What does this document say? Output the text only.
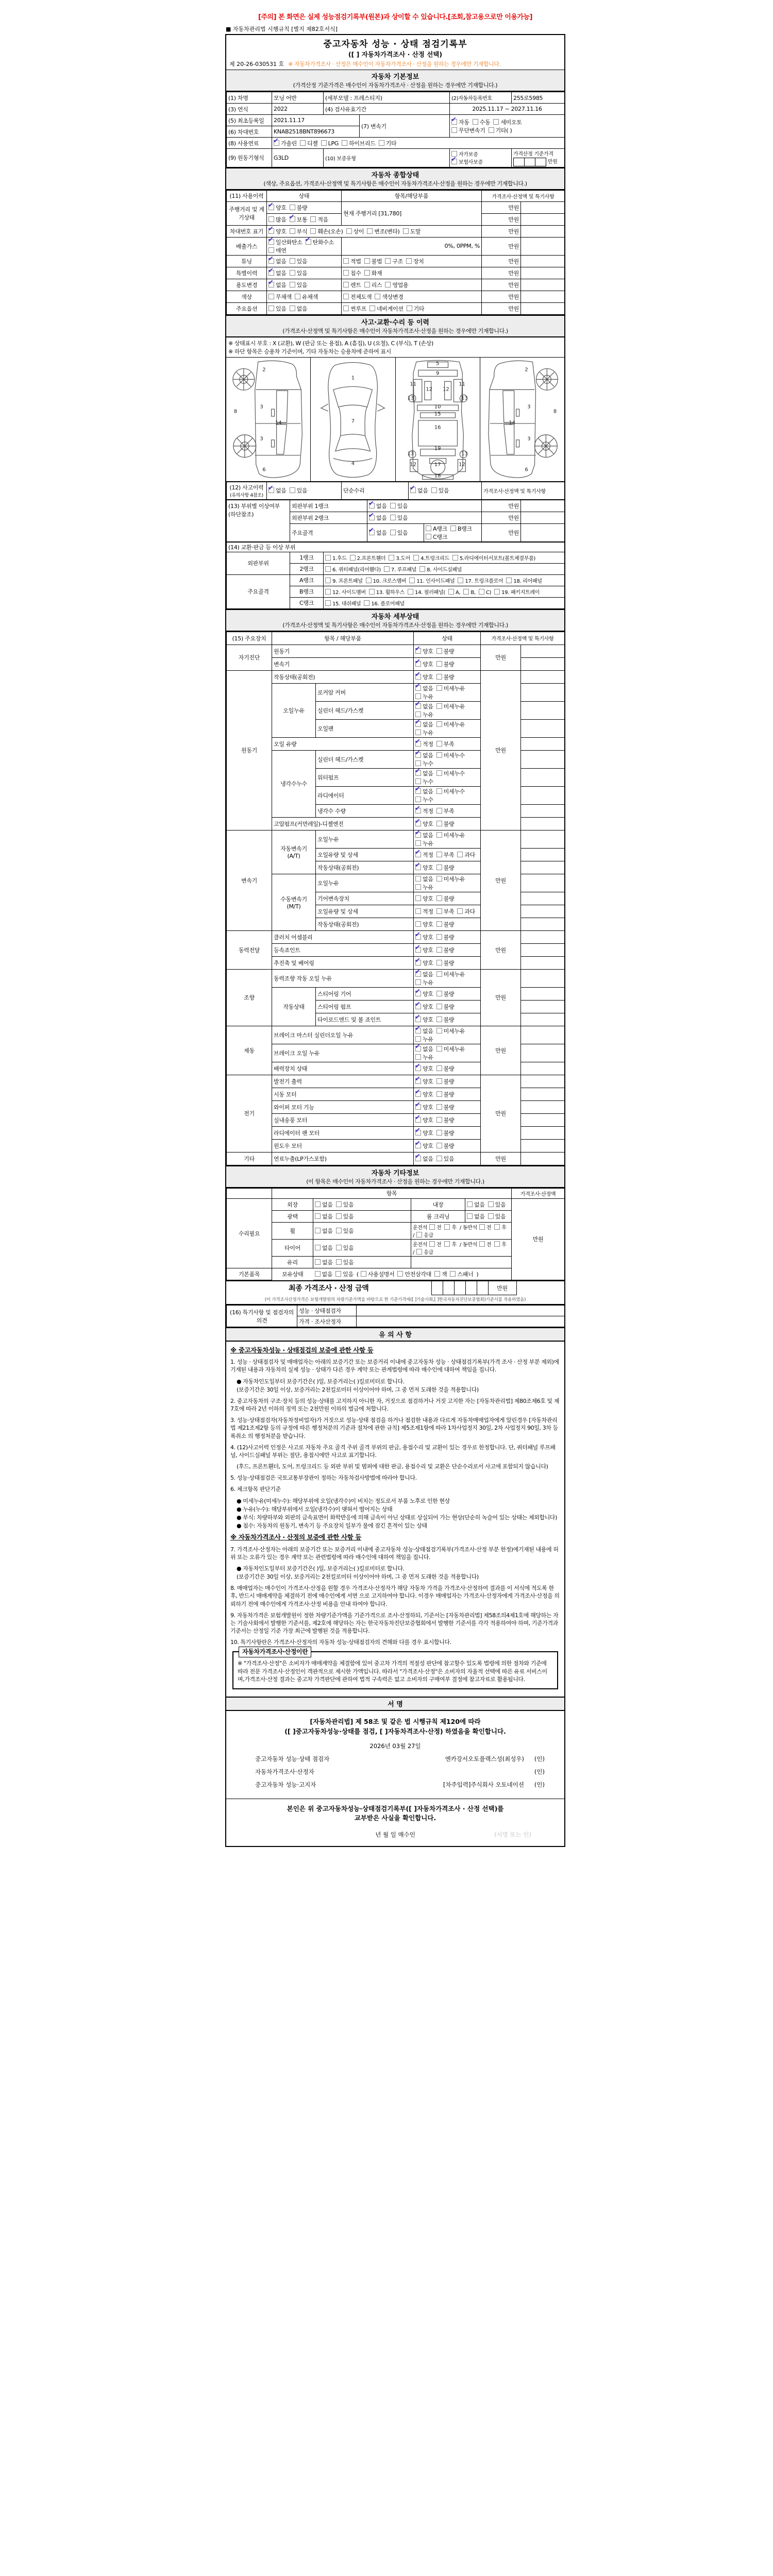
[주의] 본 화면은 실제 성능점검기록부(원본)과 상이할 수 있습니다.[조회,참고용으로만 이용가능]
■ 자동차관리법 시행규칙 [별지 제82호서식]
중고자동차 성능 · 상태 점검기록부
([ ] 자동차가격조사 · 산정 선택)
제 20-26-030531 호 ※ 자동차가격조사 · 산정은 매수인이 자동차가격조사 · 산정을 원하는 경우에만 기재합니다.
자동차 기본정보
(가격산정 기준가격은 매수인이 자동차가격조사 · 산정을 원하는 경우에만 기재합니다.)
(1) 차명	모닝 어반	(세부모델 : 프레스티지)		(2)자동차등록번호	255로5985
(3) 연식	2022	(4) 검사유효기간		2025.11.17 ~ 2027.11.16	
(5) 최초등록일	2021.11.17		(7) 변속기	
✔자동 수동 세미오토
무단변속기 기타( )

(6) 차대번호	KNAB2518BNT896673				
(8) 사용연료	✔가솔린 디젤 LPG 하이브리드 기타
(9) 원동기형식	G3LD	(10) 보증유형		자가보증✔보험사보증	가격산정 기준가격  만원
자동차 종합상태
(색상, 주요옵션, 가격조사·산정액 및 특기사항은 매수인이 자동차가격조사·산정을 원하는 경우에만 기재합니다.)
(11) 사용이력	상태	항목/해당부품	가격조사·산정액 및 특기사항	
주행거리 및 계기상태	✔양호 불량	현재 주행거리 [31,780]	만원	
	많음 ✔ 보통 적음		만원	
차대번호 표기	✔양호 부식 훼손(오손) 상이 변조(변타) 도말		만원	
배출가스	✔일산화탄소 ✔ 탄화수소매연	0%, 0PPM, %	만원	
튜닝	✔없음 있음	적법 불법 구조 장치	만원	
특별이력	✔없음 있음	침수 화재	만원	
용도변경	✔없음 있음	렌트 리스 영업용	만원	
색상	무채색 유채색	전체도색 색상변경	만원	
주요옵션	있음 없음	썬루프 네비게이션 기타	만원	
사고·교환·수리 등 이력
(가격조사·산정액 및 특기사항은 매수인이 자동차가격조사·산정을 원하는 경우에만 기재합니다.)
※ 상태표시 부호 : X (교환), W (판금 또는 용접), A (흠집), U (요철), C (부식), T (손상)
※ 하단 항목은 승용차 기준이며, 기타 자동차는 승용차에 준하여 표시
2
8
3
14
3
6
1
7
4
5
9
11
12
13
11
12
13
10
15
16
19
13	13
12	12
17
18
2
8
3
14
3
6
(12) 사고이력
(유의사항 4참조)
	✔없음 있음	단순수리	✔없음 있음	가격조사·산정액 및 특기사항
(13) 부위별 이상여부 (하단참조)	외판부위 1랭크	✔없음 있음		만원	
	외판부위 2랭크	✔없음 있음		만원	
	주요골격	✔없음 있음	A랭크 B랭크C랭크	만원	
(14) 교환·판금 등 이상 부위		
외판부위	1랭크	1.후드 2.프론트휀더 3.도어 4.트렁크리드 5.라디에이터서포트(볼트체결부품)
	2랭크	6. 쿼터패널(리어휀다) 7. 루프패널 8. 사이드실패널
주요골격	A랭크	9. 프론트패널 10. 크로스멤버 11. 인사이드패널 17. 트렁크플로어 18. 리어패널
	B랭크	12. 사이드멤버 13. 휠하우스 14. 필러패널( A, B, C) 19. 패키지트레이
	C랭크	15. 대쉬패널 16. 플로어패널
자동차 세부상태
(가격조사·산정액 및 특기사항은 매수인이 자동차가격조사·산정을 원하는 경우에만 기재합니다.)
(15) 주요장치	항목 / 해당부품		상태	가격조사·산정액 및 특기사항	
자기진단	원동기	✔양호 불량	만원	
	변속기	✔양호 불량	
원동기	작동상태(공회전)	✔양호 불량	만원	
	오일누유	로커암 커버	✔없음 미세누유누유	
		실린더 헤드/가스켓	✔없음 미세누유누유	
		오일팬	✔없음 미세누유누유	
	오일 유량	✔적정 부족	
	냉각수누수	실린더 헤드/가스켓	✔없음 미세누수누수	
		워터펌프	✔없음 미세누수누수	
		라디에이터	✔없음 미세누수누수	
		냉각수 수량	✔적정 부족	
	고압펌프(커먼레일)-디젤엔진	✔양호 불량	
변속기	자동변속기 (A/T)	오일누유	✔없음 미세누유누유	만원	
		오일유량 및 상세	✔적정 부족 과다	
		작동상태(공회전)	✔양호 불량	
	수동변속기 (M/T)	오일누유	없음 미세누유누유		
		기어변속장치	양호 불량		
		오일유량 및 상세	적정 부족 과다		
		작동상태(공회전)	양호 불량		
동력전달	클러치 어셈블리	✔양호 불량	만원	
	등속죠인트	✔양호 불량	
	추진축 및 베어링	✔양호 불량	
조향	동력조향 작동 오일 누유	✔없음 미세누유누유	만원	
	작동상태	스티어링 기어	✔양호 불량	
		스티어링 펌프	✔양호 불량	
		타이로드엔드 및 볼 죠인트	✔양호 불량	
제동	브레이크 마스터 실린더오일 누유	✔없음 미세누유누유	만원	
	브레이크 오일 누유	✔없음 미세누유누유	
	배력장치 상태	✔양호 불량	
전기	발전기 출력	✔양호 불량	만원	
	시동 모터	✔양호 불량	
	와이퍼 모터 기능	✔양호 불량	
	실내송풍 모터	✔양호 불량	
	라디에이터 팬 모터	✔양호 불량	
	윈도우 모터	✔양호 불량	
기타	연료누출(LP가스포함)	✔없음 있음	만원	
자동차 기타정보
(이 항목은 매수인이 자동차가격조사 · 산정을 원하는 경우에만 기재합니다.)
	항목				가격조사·산정액
수리필요	외장	없음 있음	내장	없음 있음	만원
	광택	없음 있음	룸 크리닝	없음 있음	
	휠	없음 있음	운전석 전 후 / 동반석 전 후/ 응급		
	타이어	없음 있음	운전석 전 후 / 동반석 전 후/ 응급		
	유리	없음 있음			
기본품목	보유상태	없음 있음 ( 사용설명서 안전삼각대 잭 스패너 )			
최종 가격조사 · 산정 금액						만원	
(이 가격조사산정가격은 보험개발원의 차량기준가액을 바탕으로 한 기준가격에([ ]기술사회,[ ]한국자동차진단보증협회)기준서를 적용하였음)
(16) 특기사항 및 점검자의 의견	성능 · 상태점검자	
	가격 · 조사산정자	
유 의 사 항
※ 중고자동차성능 · 상태점검의 보증에 관한 사항 등

1. 성능 · 상태점검자 및 매매업자는 아래의 보증기간 또는 보증거리 이내에 중고자동차 성능 · 상태점검기록부(가격 조사 · 산정 부분 제외)에 기재된 내용과 자동차의 실제 성능 · 상태가 다른 경우 계약 또는 관계법령에 따라 매수인에 대하여 책임을 집니다.

● 자동차인도일부터 보증기간은( )일, 보증거리는( )킬로미터로 합니다.
(보증기간은 30일 이상, 보증거리는 2천킬로미터 이상이어야 하며, 그 중 먼저 도래한 것을 적용합니다)

2. 중고자동차의 구조·장치 등의 성능·상태를 고지하지 아니한 자, 거짓으로 점검하거나 거짓 고지한 자는 [자동차관리법] 제80조제6호 및 제7호에 따라 2년 이하의 징역 또는 2천만원 이하의 벌금에 처합니다.

3. 성능·상태점검자(자동차정비업자)가 거짓으로 성능·상태 점검을 하거나 점검한 내용과 다르게 자동차매매업자에게 알린경우 [자동차관리법 제21조제2항 등의 규정에 따른 행정처분의 기준과 절차에 관한 규칙] 제5조제1항에 따라 1차사업정지 30일, 2차 사업정지 90일, 3차 등록취소 의 행정처분을 받습니다.

4. (12)사고이력 인정은 사고로 자동차 주요 골격 주위 골격 부위의 판금, 용접수리 및 교환이 있는 경우로 한정합니다. 단, 쿼터패널 루프패널, 사이드실패널 부위는 절단, 용접시에만 사고로 표기합니다.

(후드, 프론트휀더, 도어, 트렁크리드 등 외판 부위 및 범퍼에 대한 판금, 용접수리 및 교환은 단순수리로서 사고에 포함되지 않습니다)

5. 성능·상태점검은 국토교통부장관이 정하는 자동차검사방법에 따라야 합니다.

6. 체크항목 판단기준

● 미세누유(미세누수): 해당부위에 오일(냉각수)이 비치는 정도로서 부품 노후로 인한 현상
● 누유(누수): 해당부위에서 오일(냉각수)이 맺혀서 떨어지는 상태
● 부식: 차량하부와 외판의 금속표면이 화학반응에 의해 금속이 아닌 상태로 상실되어 가는 현상(단순히 녹슬어 있는 상태는 제외합니다)
● 침수: 자동차의 원동기, 변속기 등 주요장치 일부가 물에 잠긴 흔적이 있는 상태
※ 자동차가격조사 · 산정의 보증에 관한 사항 등

7. 가격조사·산정자는 아래의 보증기간 또는 보증거리 이내에 중고자동차 성능·상태점검기록부(가격조사·산정 부분 한정)에기재된 내용에 허위 또는 오류가 있는 경우 계약 또는 관련법령에 따라 매수인에 대하여 책임을 집니다.

● 자동차인도일부터 보증기간은( )일, 보증거리는( )킬로미터로 합니다.
(보증기간은 30일 이상, 보증거리는 2천킬로미터 이상이어야 하며, 그 중 먼저 도래한 것을 적용합니다)

8. 매매업자는 매수인이 가격조사·산정을 원할 경우 가격조사·산정자가 해당 자동차 가격을 가격조사·산정하여 결과를 이 서식에 적도록 한 후, 반드시 매매계약을 체결하기 전에 매수인에게 서면 으로 고지하여야 합니다. 이경우 매매업자는 가격조사·산정자에게 가격조사·산정을 의뢰하기 전에 매수인에게 가격조사·산정 비용을 안내 하여야 합니다.

9. 자동차가격은 보험개발원이 정한 차량기준가액을 기준가격으로 조사·산정하되, 기준서는 [자동차관리법] 제58조의4제1호에 해당하는 자는 기술사회에서 발행한 기준서를, 제2호에 해당하는 자는 한국자동차진단보증협회에서 발행한 기준서를 각각 적용하여야 하며, 기준가격과 기준서는 산정일 기준 가장 최근에 발행된 것을 적용합니다.

10. 특기사항란은 가격조사·산정자의 자동차 성능·상태점검자의 견해와 다를 경우 표시합니다.

자동차가격조사·산정이란

※ "가격조사·산정"은 소비자가 매매계약을 체결함에 있어 중고차 가격의 적절성 판단에 참고할수 있도록 법령에 의한 절차와 기준에 따라 전문 가격조사·산정인이 객관적으로 제시한 가액입니다. 따라서 "가격조사·산정"은 소비자의 자율적 선택에 따른 유료 서비스이며,가격조사·산정 결과는 중고차 가격판단에 관하여 법적 구속력은 없고 소비자의 구매여부 결정에 참고자료로 활용됩니다.

서 명
[자동차관리법] 제 58조 및 같은 법 시행규칙 제120에 따라
([ ]중고자동차성능·상태를 점검, [ ]자동차격조사·산정) 하였음을 확인합니다.
2026년 03월 27일
중고자동차 성능·상태 점검자	엔카강서오토플랙스성(최성우)	(인)
자동차가격조사·산정자	(인)
중고자동차 성능·고지자	[차주입력]주식회사 오토네이션	(인)
본인은 위 중고자동차성능·상태점검기록부([ ]자동차가격조사 · 산정 선택)를
교부받은 사실을 확인합니다.
년 월 일 매수인	(서명 또는 인)
